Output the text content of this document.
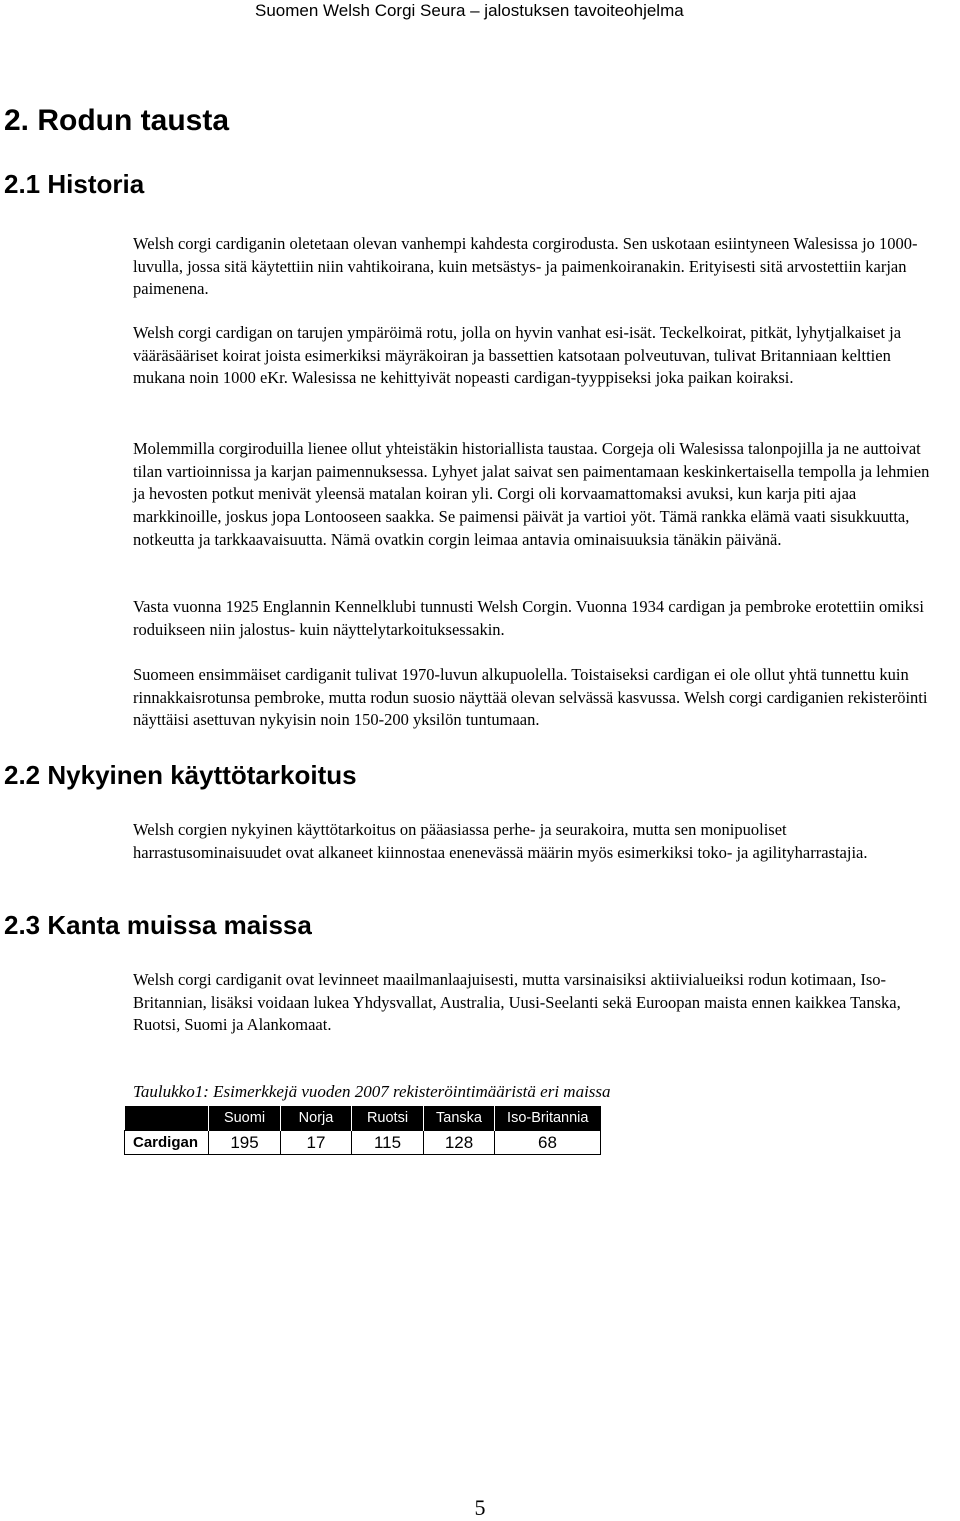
Suomen Welsh Corgi Seura – jalostuksen tavoiteohjelma
2. Rodun tausta
2.1 Historia

Welsh corgi cardiganin oletetaan olevan vanhempi kahdesta corgirodusta. Sen uskotaan esiintyneen Walesissa jo 1000-luvulla, jossa sitä käytettiin niin vahtikoirana, kuin metsästys- ja paimenkoiranakin. Erityisesti sitä arvostettiin karjan paimenena.

Welsh corgi cardigan on tarujen ympäröimä rotu, jolla on hyvin vanhat esi-isät. Teckelkoirat, pitkät, lyhytjalkaiset ja vääräsääriset koirat joista esimerkiksi mäyräkoiran ja bassettien katsotaan polveutuvan, tulivat Britanniaan kelttien mukana noin 1000 eKr. Walesissa ne kehittyivät nopeasti cardigan-tyyppiseksi joka paikan koiraksi.

Molemmilla corgiroduilla lienee ollut yhteistäkin historiallista taustaa. Corgeja oli Walesissa talonpojilla ja ne auttoivat tilan vartioinnissa ja karjan paimennuksessa. Lyhyet jalat saivat sen paimentamaan keskinkertaisella tempolla ja lehmien ja hevosten potkut menivät yleensä matalan koiran yli. Corgi oli korvaamattomaksi avuksi, kun karja piti ajaa markkinoille, joskus jopa Lontooseen saakka. Se paimensi päivät ja vartioi yöt. Tämä rankka elämä vaati sisukkuutta, notkeutta ja tarkkaavaisuutta. Nämä ovatkin corgin leimaa antavia ominaisuuksia tänäkin päivänä.

Vasta vuonna 1925 Englannin Kennelklubi tunnusti Welsh Corgin. Vuonna 1934 cardigan ja pembroke erotettiin omiksi roduikseen niin jalostus- kuin näyttelytarkoituksessakin.

Suomeen ensimmäiset cardiganit tulivat 1970-luvun alkupuolella. Toistaiseksi cardigan ei ole ollut yhtä tunnettu kuin rinnakkaisrotunsa pembroke, mutta rodun suosio näyttää olevan selvässä kasvussa. Welsh corgi cardiganien rekisteröinti näyttäisi asettuvan nykyisin noin 150-200 yksilön tuntumaan.

2.2 Nykyinen käyttötarkoitus

Welsh corgien nykyinen käyttötarkoitus on pääasiassa perhe- ja seurakoira, mutta sen monipuoliset harrastusominaisuudet ovat alkaneet kiinnostaa enenevässä määrin myös esimerkiksi toko- ja agilityharrastajia.

2.3 Kanta muissa maissa

Welsh corgi cardiganit ovat levinneet maailmanlaajuisesti, mutta varsinaisiksi aktiivialueiksi rodun kotimaan, Iso-Britannian, lisäksi voidaan lukea Yhdysvallat, Australia, Uusi-Seelanti sekä Euroopan maista ennen kaikkea Tanska, Ruotsi, Suomi ja Alankomaat.

Taulukko1: Esimerkkejä vuoden 2007 rekisteröintimääristä eri maissa
	Suomi	Norja	Ruotsi	Tanska	Iso-Britannia
Cardigan	195	17	115	128	68
5
